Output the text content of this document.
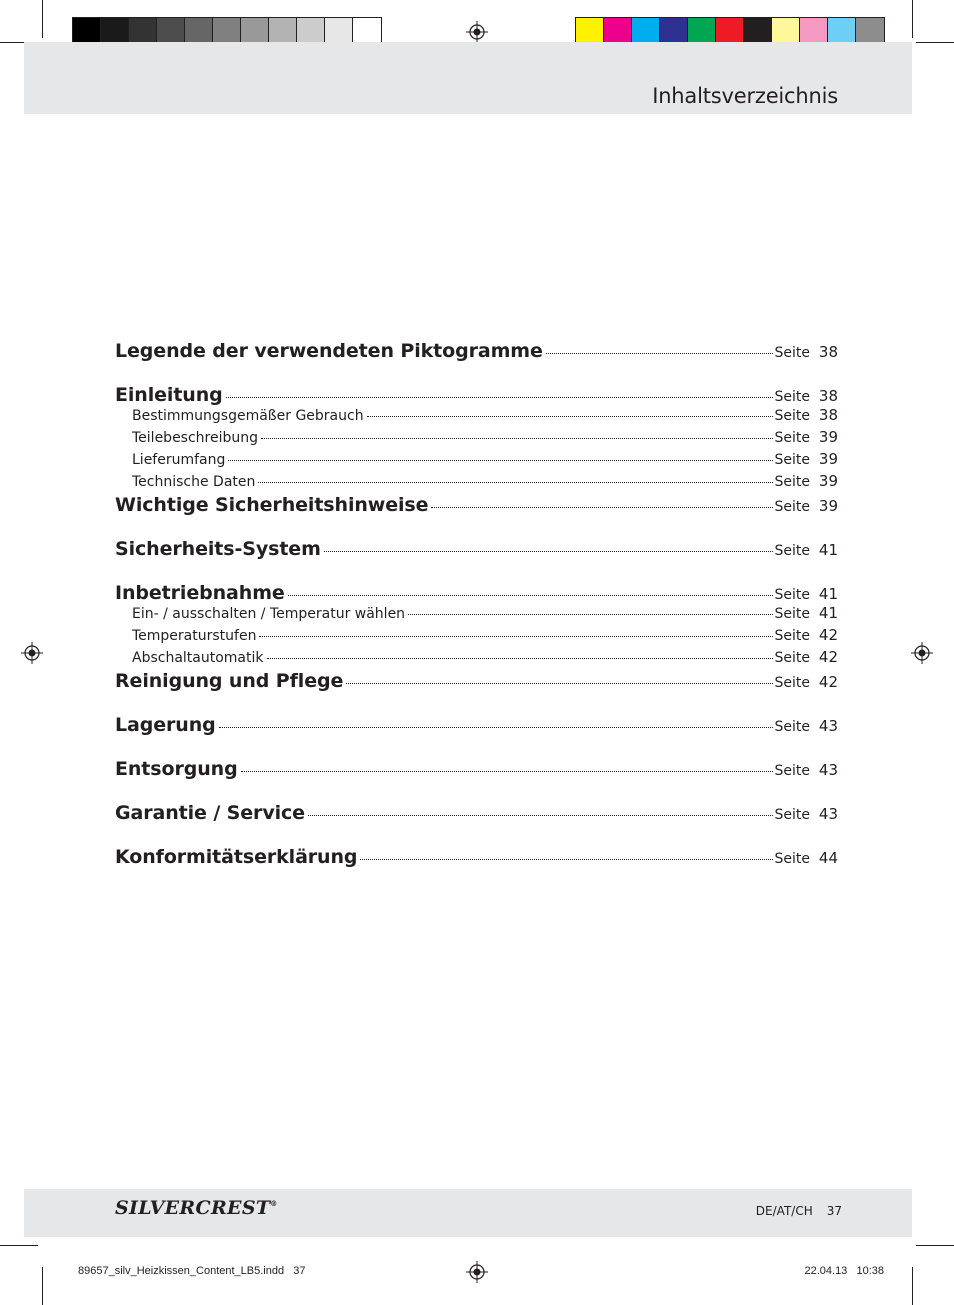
Inhaltsverzeichnis
Legende der verwendeten Piktogramme	Seite 38
Einleitung	Seite 38
Bestimmungsgemäßer Gebrauch	Seite 38
Teilebeschreibung	Seite 39
Lieferumfang	Seite 39
Technische Daten	Seite 39
Wichtige Sicherheitshinweise	Seite 39
Sicherheits-System	Seite 41
Inbetriebnahme	Seite 41
Ein- / ausschalten / Temperatur wählen	Seite 41
Temperaturstufen	Seite 42
Abschaltautomatik	Seite 42
Reinigung und Pflege	Seite 42
Lagerung	Seite 43
Entsorgung	Seite 43
Garantie / Service	Seite 43
Konformitätserklärung	Seite 44
SILVERCREST®
DE/AT/CH 37
89657_silv_Heizkissen_Content_LB5.indd   37	22.04.13   10:38
